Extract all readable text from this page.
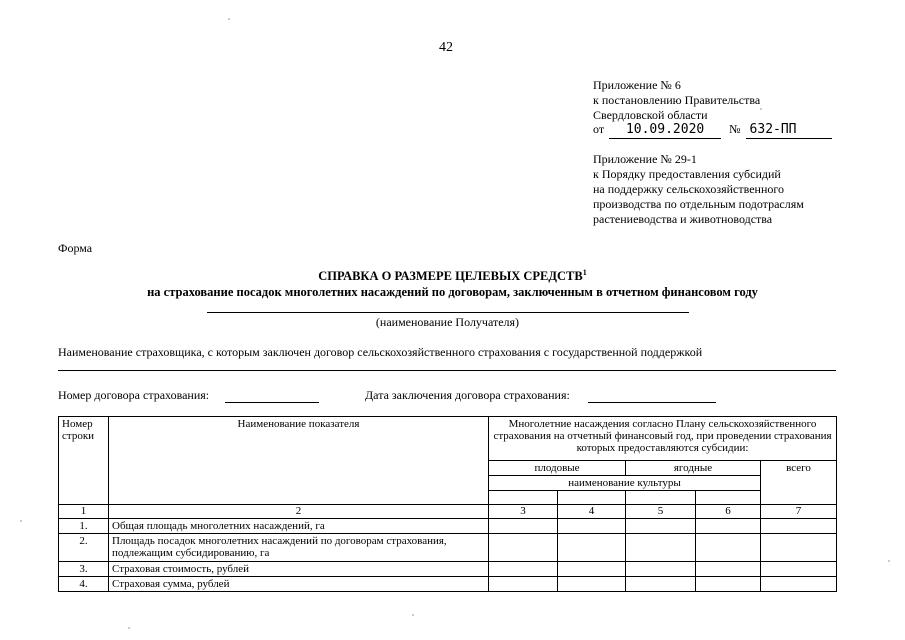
42
Приложение № 6
к постановлению Правительства
Свердловской области
от 10.09.2020 № 632-ПП
Приложение № 29-1
к Порядку предоставления субсидий
на поддержку сельскохозяйственного
производства по отдельным подотраслям
растениеводства и животноводства
Форма
СПРАВКА О РАЗМЕРЕ ЦЕЛЕВЫХ СРЕДСТВ$^1$
на страхование посадок многолетних насаждений по договорам, заключенным в отчетном финансовом году
(наименование Получателя)
Наименование страховщика, с которым заключен договор сельскохозяйственного страхования с государственной поддержкой
Номер договора страхования:	Дата заключения договора страхования:
Номер строки	Наименование показателя	Многолетние насаждения согласно Плану сельскохозяйственного страхования на отчетный финансовый год, при проведении страхования которых предоставляются субсидии:				
		плодовые		ягодные		всего
		наименование культуры				

1	2	3	4	5	6	7
1.	Общая площадь многолетних насаждений, га					
2.	Площадь посадок многолетних насаждений по договорам страхования, подлежащим субсидированию, га					
3.	Страховая стоимость, рублей					
4.	Страховая сумма, рублей					
